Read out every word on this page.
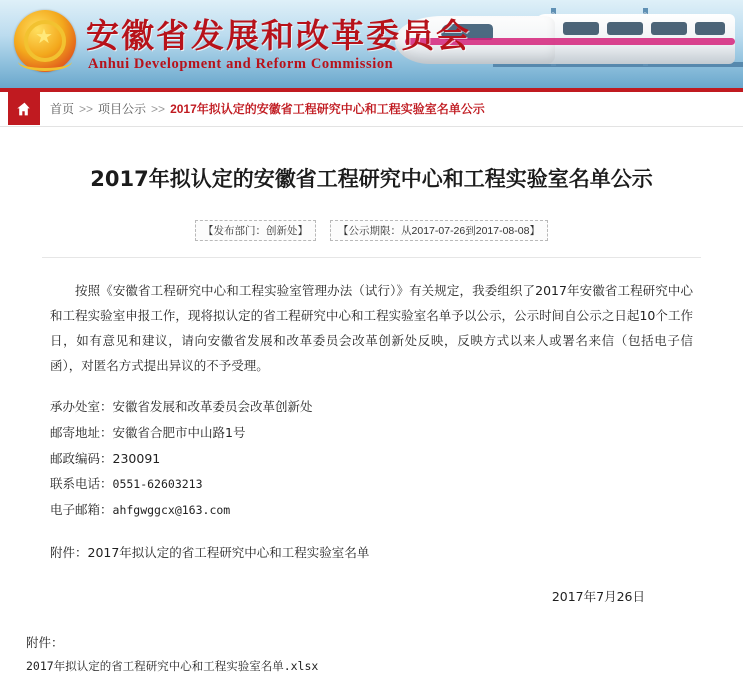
★ 安徽省发展和改革委员会
Anhui Development and Reform Commission
首页 >> 项目公示 >> 2017年拟认定的安徽省工程研究中心和工程实验室名单公示
2017年拟认定的安徽省工程研究中心和工程实验室名单公示
【发布部门：创新处】	【公示期限：从2017-07-26到2017-08-08】

按照《安徽省工程研究中心和工程实验室管理办法（试行）》有关规定，我委组织了2017年安徽省工程研究中心和工程实验室申报工作，现将拟认定的省工程研究中心和工程实验室名单予以公示，公示时间自公示之日起10个工作日，如有意见和建议，请向安徽省发展和改革委员会改革创新处反映，反映方式以来人或署名来信（包括电子信函），对匿名方式提出异议的不予受理。

承办处室：安徽省发展和改革委员会改革创新处
邮寄地址：安徽省合肥市中山路1号
邮政编码：230091
联系电话：0551-62603213
电子邮箱：ahfgwggcx@163.com
附件：2017年拟认定的省工程研究中心和工程实验室名单
2017年7月26日
附件：
2017年拟认定的省工程研究中心和工程实验室名单.xlsx
